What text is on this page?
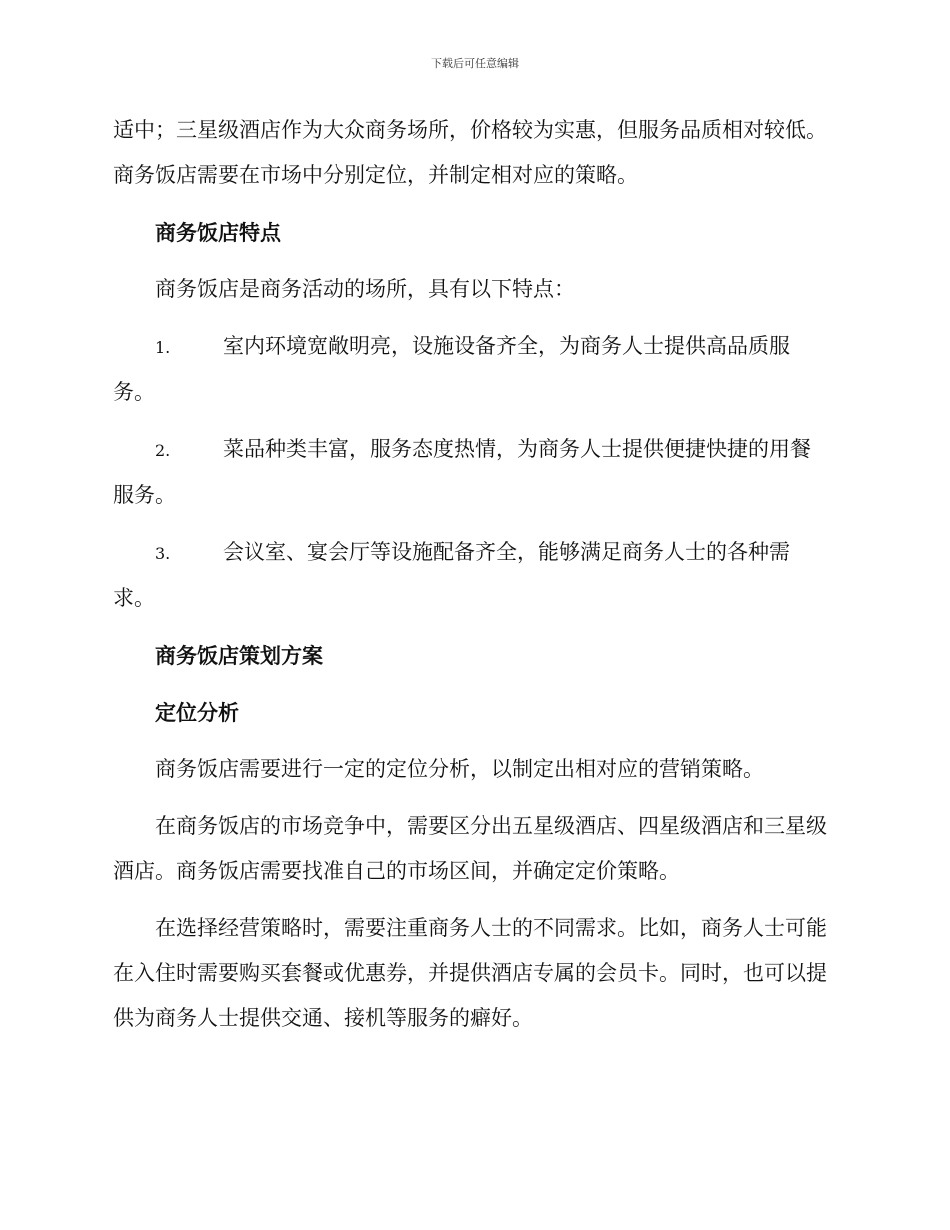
下载后可任意编辑

适中；三星级酒店作为大众商务场所，价格较为实惠，但服务品质相对较低。商务饭店需要在市场中分别定位，并制定相对应的策略。

商务饭店特点

商务饭店是商务活动的场所，具有以下特点：

1.	室内环境宽敞明亮，设施设备齐全，为商务人士提供高品质服
务。
2.	菜品种类丰富，服务态度热情，为商务人士提供便捷快捷的用餐
服务。
3.	会议室、宴会厅等设施配备齐全，能够满足商务人士的各种需
求。
商务饭店策划方案
定位分析

商务饭店需要进行一定的定位分析，以制定出相对应的营销策略。

在商务饭店的市场竞争中，需要区分出五星级酒店、四星级酒店和三星级酒店。商务饭店需要找准自己的市场区间，并确定定价策略。

在选择经营策略时，需要注重商务人士的不同需求。比如，商务人士可能在入住时需要购买套餐或优惠券，并提供酒店专属的会员卡。同时，也可以提供为商务人士提供交通、接机等服务的癖好。
